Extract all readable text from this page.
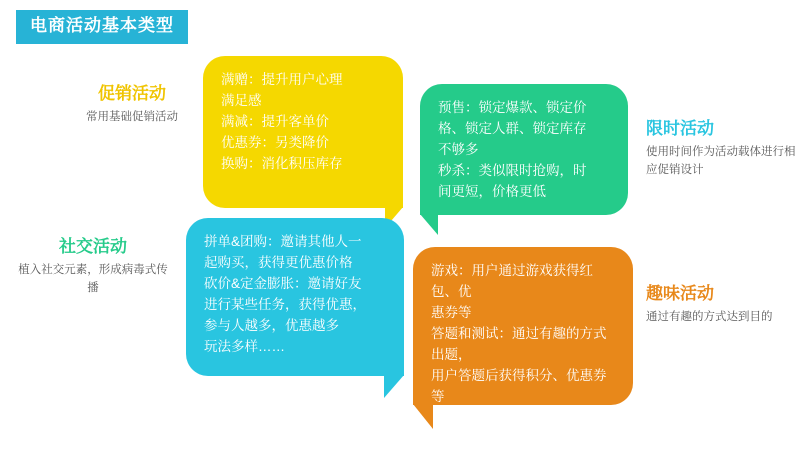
电商活动基本类型

满赠：提升用户心理

满足感

满减：提升客单价

优惠券：另类降价

换购：消化积压库存

预售：锁定爆款、锁定价

格、锁定人群、锁定库存

不够多

秒杀：类似限时抢购，时

间更短，价格更低

拼单&团购：邀请其他人一

起购买，获得更优惠价格

砍价&定金膨胀：邀请好友

进行某些任务，获得优惠，

参与人越多，优惠越多

玩法多样……

游戏：用户通过游戏获得红包、优

惠券等

答题和测试：通过有趣的方式出题，

用户答题后获得积分、优惠券等

虚拟空间助力：用户输入自己相关

信息，建造符合用户的模型

促销活动
常用基础促销活动
限时活动
使用时间作为活动载体进行相应促销设计
社交活动
植入社交元素，形成病毒式传播	趣味活动
通过有趣的方式达到目的
